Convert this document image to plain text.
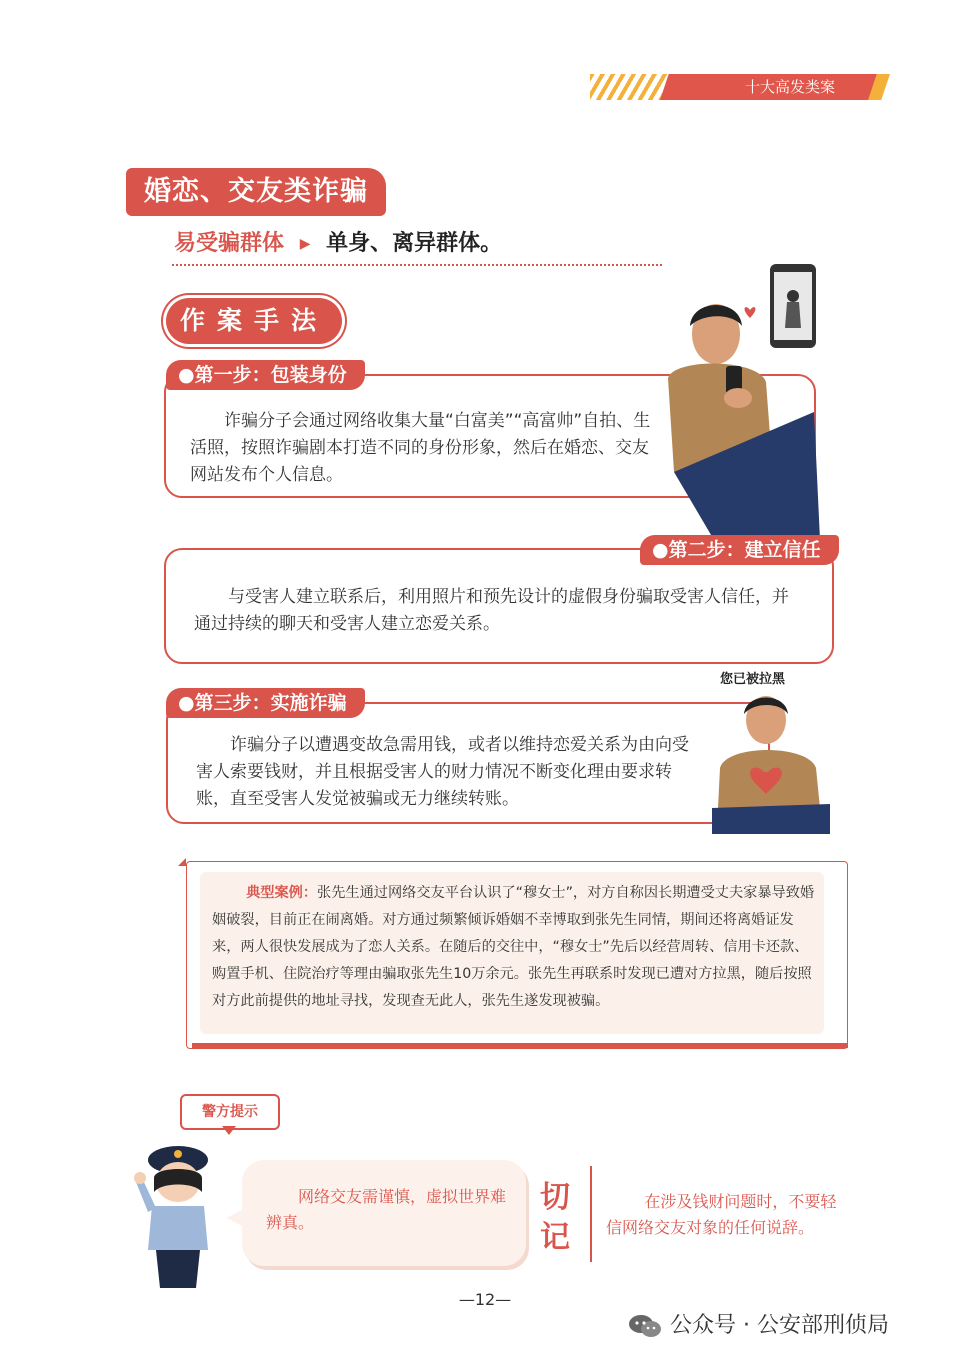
十大高发类案
婚恋、交友类诈骗
易受骗群体 ▶ 单身、离异群体。
作案手法
●第一步：包装身份
诈骗分子会通过网络收集大量“白富美”“高富帅”自拍、生活照，按照诈骗剧本打造不同的身份形象，然后在婚恋、交友网站发布个人信息。
●第二步：建立信任
与受害人建立联系后，利用照片和预先设计的虚假身份骗取受害人信任，并通过持续的聊天和受害人建立恋爱关系。
●第三步：实施诈骗
诈骗分子以遭遇变故急需用钱，或者以维持恋爱关系为由向受害人索要钱财，并且根据受害人的财力情况不断变化理由要求转账，直至受害人发觉被骗或无力继续转账。
您已被拉黑
典型案例：张先生通过网络交友平台认识了“穆女士”，对方自称因长期遭受丈夫家暴导致婚姻破裂，目前正在闹离婚。对方通过频繁倾诉婚姻不幸博取到张先生同情，期间还将离婚证发来，两人很快发展成为了恋人关系。在随后的交往中，“穆女士”先后以经营周转、信用卡还款、购置手机、住院治疗等理由骗取张先生10万余元。张先生再联系时发现已遭对方拉黑，随后按照对方此前提供的地址寻找，发现查无此人，张先生遂发现被骗。
警方提示
网络交友需谨慎，虚拟世界难辨真。
切记
在涉及钱财问题时，不要轻信网络交友对象的任何说辞。
—12—
公众号 · 公安部刑侦局
